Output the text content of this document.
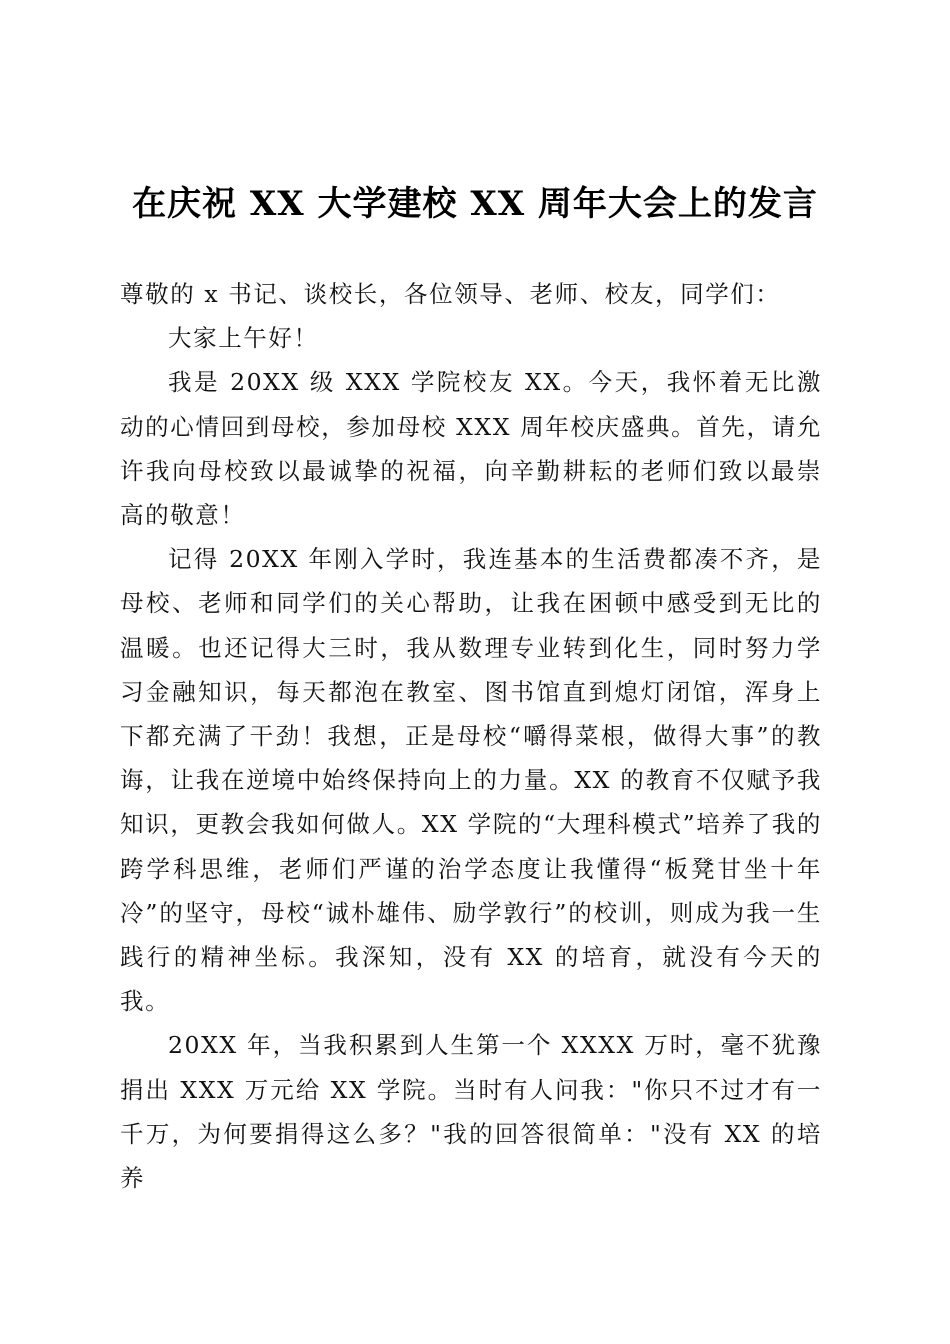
在庆祝 XX 大学建校 XX 周年大会上的发言

尊敬的 x 书记、谈校长，各位领导、老师、校友，同学们：

大家上午好！

我是 20XX 级 XXX 学院校友 XX。今天，我怀着无比激动的心情回到母校，参加母校 XXX 周年校庆盛典。首先，请允许我向母校致以最诚挚的祝福，向辛勤耕耘的老师们致以最崇高的敬意！

记得 20XX 年刚入学时，我连基本的生活费都凑不齐，是母校、老师和同学们的关心帮助，让我在困顿中感受到无比的温暖。也还记得大三时，我从数理专业转到化生，同时努力学习金融知识，每天都泡在教室、图书馆直到熄灯闭馆，浑身上下都充满了干劲！我想，正是母校“嚼得菜根，做得大事”的教诲，让我在逆境中始终保持向上的力量。XX 的教育不仅赋予我知识，更教会我如何做人。XX 学院的“大理科模式”培养了我的跨学科思维，老师们严谨的治学态度让我懂得“板凳甘坐十年冷”的坚守，母校“诚朴雄伟、励学敦行”的校训，则成为我一生践行的精神坐标。我深知，没有 XX 的培育，就没有今天的我。

20XX 年，当我积累到人生第一个 XXXX 万时，毫不犹豫捐出 XXX 万元给 XX 学院。当时有人问我："你只不过才有一千万，为何要捐得这么多？"我的回答很简单："没有 XX 的培养
